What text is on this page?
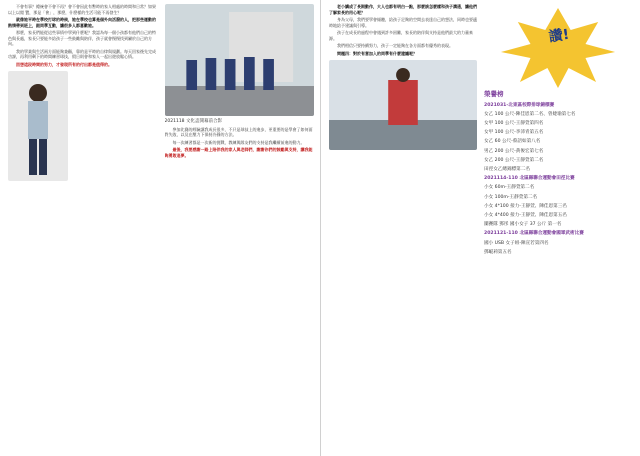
不會有事？總統會不會不再？會不會因此有暫時的家人相處的時間和日常？如果以上以閱 覽，那是「會」，那麼，什麼樣的生活可能不再發生？

就像她平時在學校打球的時候，她在學校也算是個外向活潑的人，把那些運動的熱情帶到班上，跟同學互動，讓很多人都喜歡她。

那麼，家長們能從這些事情中學到什麼呢？我認為每一個小孩都有他們自己的特色與長處，家長只要能多給孩子一些鼓勵與陪伴，孩子就會慢慢找到屬於自己的方向。

我的學業與生活兩方面能夠兼顧，靠的是平時的自律與規劃。每天回家後先完成功課，再利用剩下的時間練習球技，假日則會和家人一起出遊放鬆心情。

回想這段時間的努力，才發現所有的付出都是值得的。

2021118 文化盃開幕前合影

參加比賽的經驗讓我成長很多，不只是球技上的進步，更重要的是學會了如何面對失敗，以及在壓力下保持冷靜的方法。

每一次練習都是一次新的挑戰，教練與隊友們的支持是我繼續前進的動力。

最後，我要感謝一路上陪伴我的家人與老師們，謝謝你們的鼓勵與支持，讓我能夠勇敢追夢。

老小講成了長期動作，大人也都有明白一點，那麼該怎麼樣和孩子溝通，讓他們了解家長的用心呢？

身為父母，我們要學會傾聽，給孩子足夠的空間去表達自己的想法，同時也要適時地給予建議與引導。

孩子在成長的過程中會遇到許多困難，家長的陪伴與支持是他們最大的力量來源。

我們相信只要持續努力，孩子一定能夠在各方面都有優秀的表現。

問題四：對於有意加入的同學有什麼建議呢？

讚!
榮譽榜
2021031-北東區校際排球錦標賽
女乙 100 公尺-陳佳恩第二名、曾婕瑜第七名
女甲 100 公尺-王靜萱第四名
女甲 100 公尺-李沛青第五名
女乙 60 公尺-蔡語如第八名
男乙 200 公尺-黃俊宏第七名
女乙 200 公尺-王靜萱第二名
田徑女乙總錦標第二名
2021114-110 北區縣聯合運動會田徑比賽
小女 60m-王靜萱第二名
小女 100m-王靜萱第二名
小女 4*100 接力-王靜萱、陳佳恩第三名
小女 4*400 接力-王靜萱、陳佳恩第五名
團賽隊 鄧彤 國小女子 37 公斤 第一名
2021121-110 北區縣聯合運動會國軍武術比賽
國小 USB 女子組-陳宣若第四名
鄧崐莉第五名
